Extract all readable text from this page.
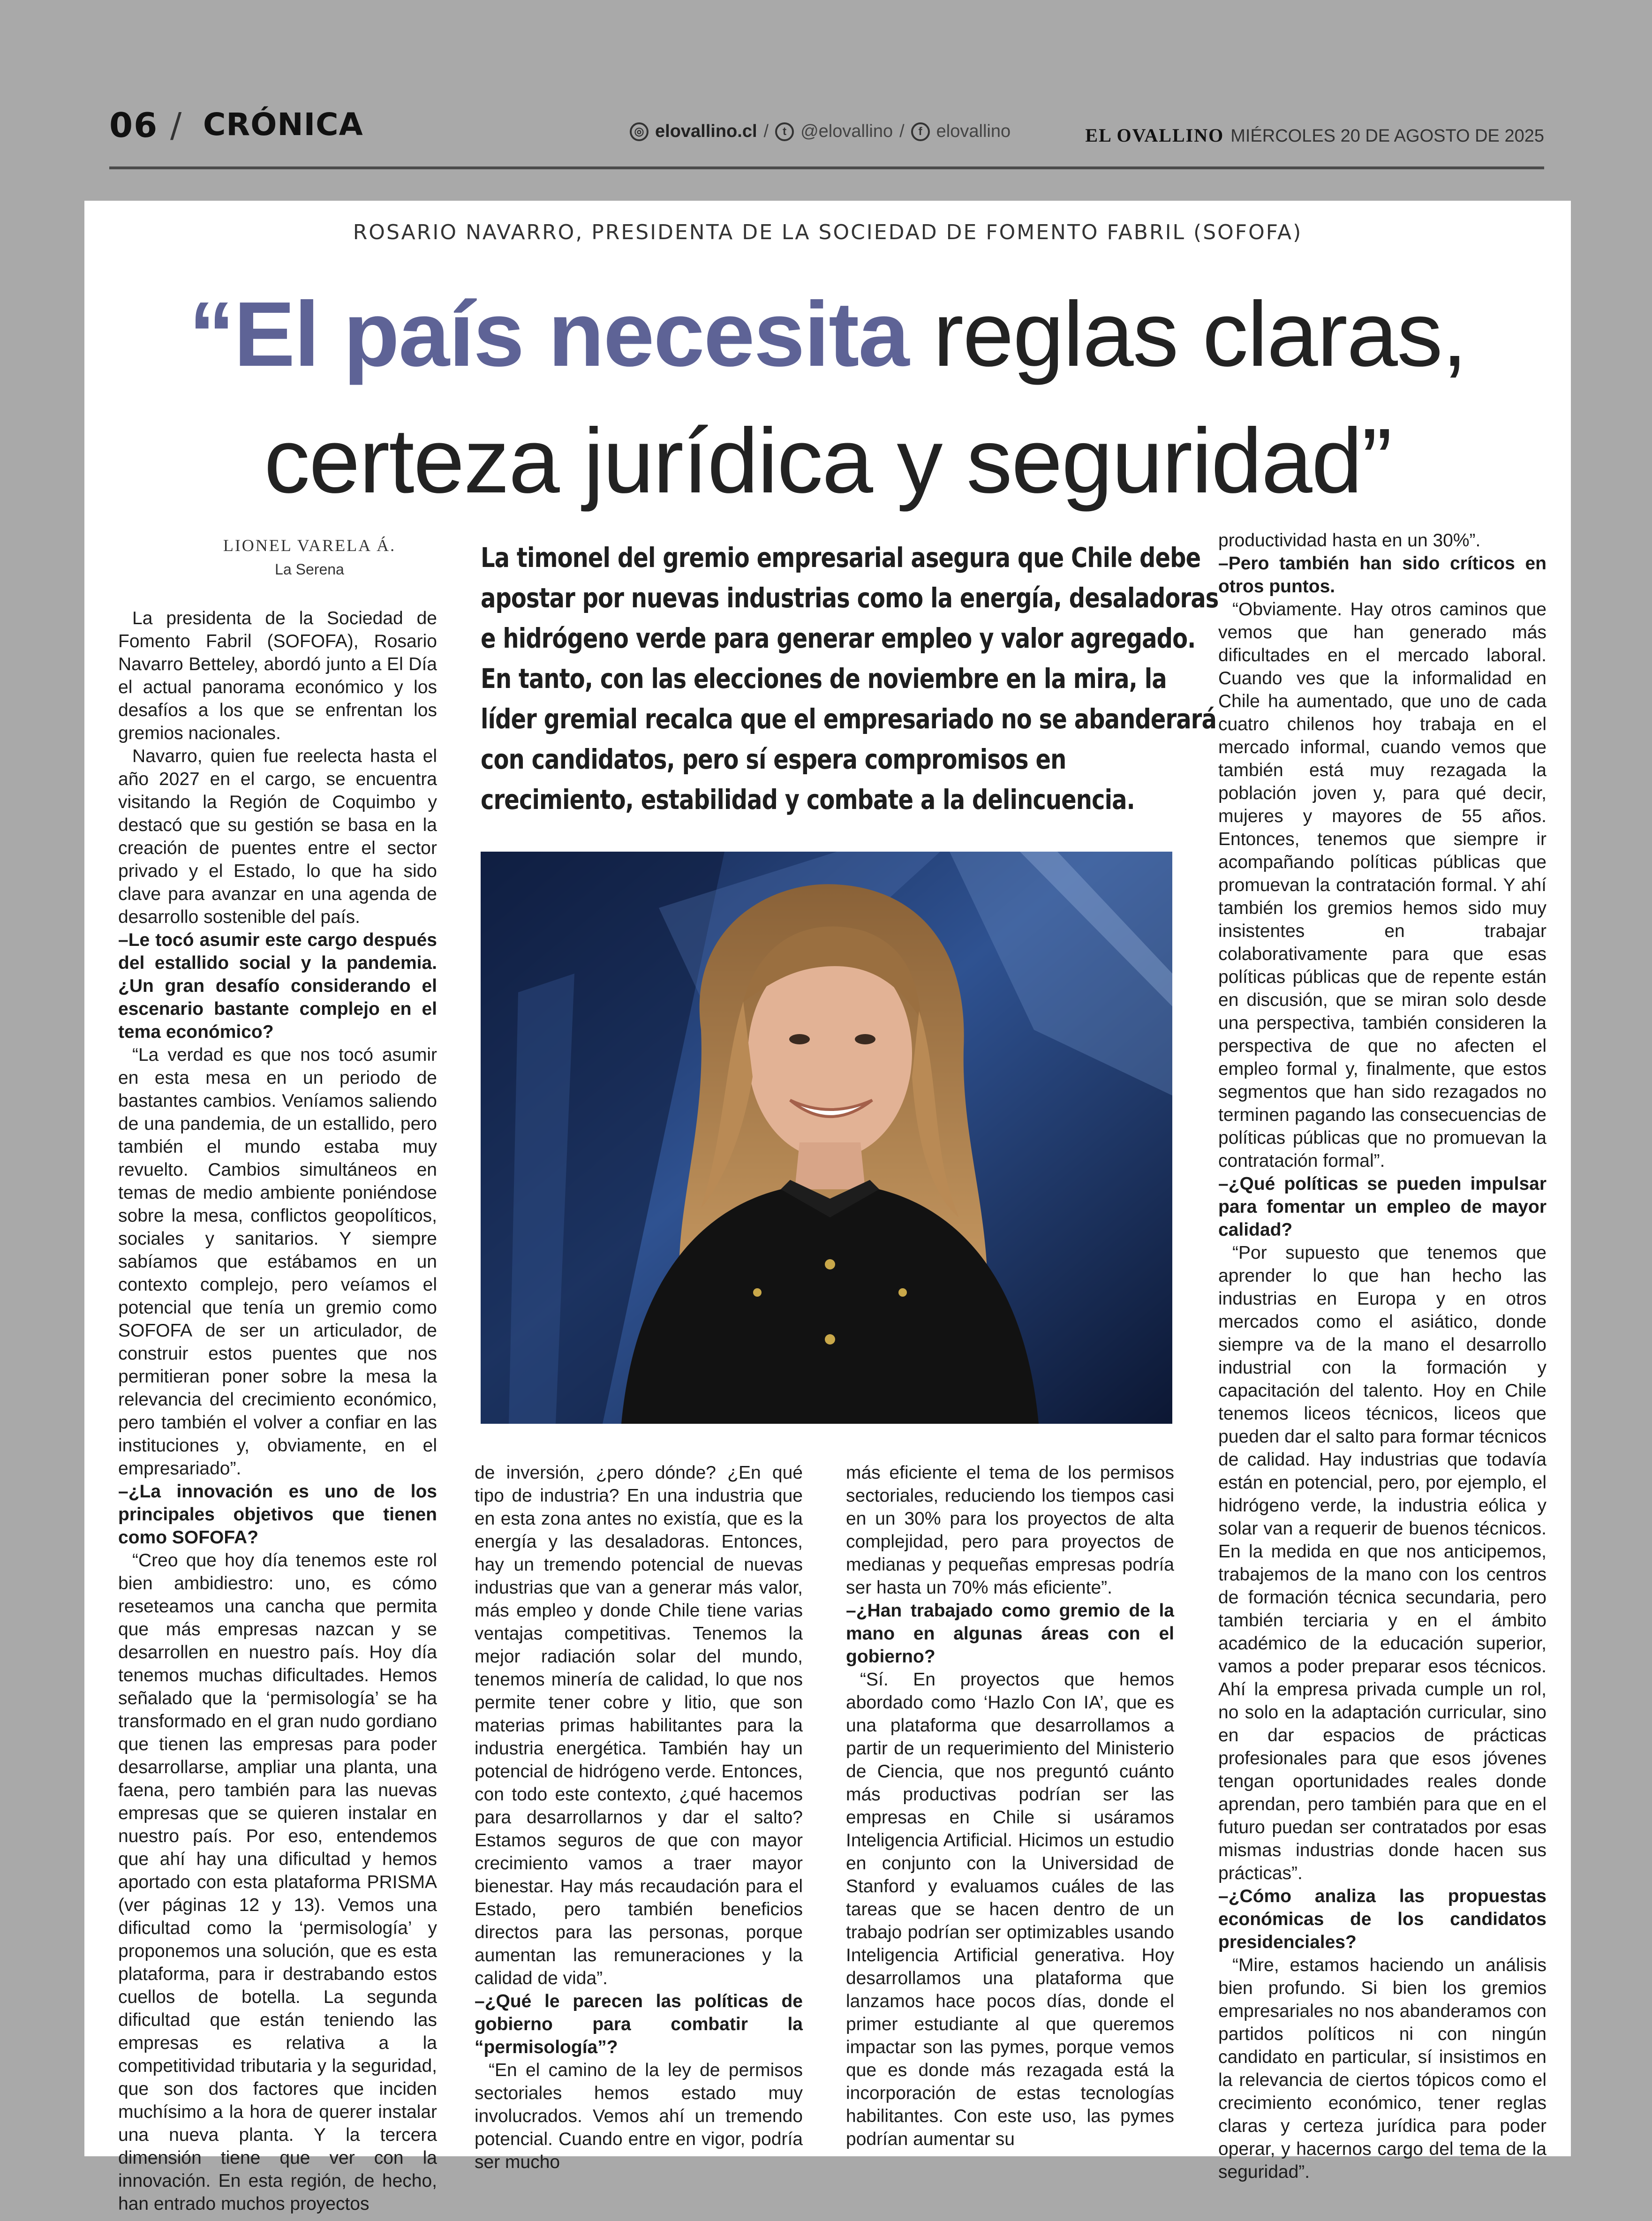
06 / CRÓNICA	◎ elovallino.cl /	t @elovallino /	f elovallino	EL OVALLINO MIÉRCOLES 20 DE AGOSTO DE 2025
ROSARIO NAVARRO, PRESIDENTA DE LA SOCIEDAD DE FOMENTO FABRIL (SOFOFA)
“El país necesita reglas claras,
certeza jurídica y seguridad”
LIONEL VARELA Á.
La Serena

La presidenta de la Sociedad de Fomento Fabril (SOFOFA), Rosario Navarro Betteley, abordó junto a El Día el actual panorama económico y los desafíos a los que se enfrentan los gremios nacionales.

Navarro, quien fue reelecta hasta el año 2027 en el cargo, se encuentra visitando la Región de Coquimbo y destacó que su gestión se basa en la creación de puentes entre el sector privado y el Estado, lo que ha sido clave para avanzar en una agenda de desarrollo sostenible del país.

– Le tocó asumir este cargo después del estallido social y la pandemia. ¿Un gran desafío considerando el escenario bastante complejo en el tema económico?

“La verdad es que nos tocó asumir en esta mesa en un periodo de bastantes cambios. Veníamos saliendo de una pandemia, de un estallido, pero también el mundo estaba muy revuelto. Cambios simultáneos en temas de medio ambiente poniéndose sobre la mesa, conflictos geopolíticos, sociales y sanitarios. Y siempre sabíamos que estábamos en un contexto complejo, pero veíamos el potencial que tenía un gremio como SOFOFA de ser un articulador, de construir estos puentes que nos permitieran poner sobre la mesa la relevancia del crecimiento económico, pero también el volver a confiar en las instituciones y, obviamente, en el empresariado”.

– ¿La innovación es uno de los principales objetivos que tienen como SOFOFA?

“Creo que hoy día tenemos este rol bien ambidiestro: uno, es cómo reseteamos una cancha que permita que más empresas nazcan y se desarrollen en nuestro país. Hoy día tenemos muchas dificultades. Hemos señalado que la ‘permisología’ se ha transformado en el gran nudo gordiano que tienen las empresas para poder desarrollarse, ampliar una planta, una faena, pero también para las nuevas empresas que se quieren instalar en nuestro país. Por eso, entendemos que ahí hay una dificultad y hemos aportado con esta plataforma PRISMA (ver páginas 12 y 13). Vemos una dificultad como la ‘permisología’ y proponemos una solución, que es esta plataforma, para ir destrabando estos cuellos de botella. La segunda dificultad que están teniendo las empresas es relativa a la competitividad tributaria y la seguridad, que son dos factores que inciden muchísimo a la hora de querer instalar una nueva planta. Y la tercera dimensión tiene que ver con la innovación. En esta región, de hecho, han entrado muchos proyectos

de inversión, ¿pero dónde? ¿En qué tipo de industria? En una industria que en esta zona antes no existía, que es la energía y las desaladoras. Entonces, hay un tremendo potencial de nuevas industrias que van a generar más valor, más empleo y donde Chile tiene varias ventajas competitivas. Tenemos la mejor radiación solar del mundo, tenemos minería de calidad, lo que nos permite tener cobre y litio, que son materias primas habilitantes para la industria energética. También hay un potencial de hidrógeno verde. Entonces, con todo este contexto, ¿qué hacemos para desarrollarnos y dar el salto? Estamos seguros de que con mayor crecimiento vamos a traer mayor bienestar. Hay más recaudación para el Estado, pero también beneficios directos para las personas, porque aumentan las remuneraciones y la calidad de vida”.

– ¿Qué le parecen las políticas de gobierno para combatir la “permisología”?

“En el camino de la ley de permisos sectoriales hemos estado muy involucrados. Vemos ahí un tremendo potencial. Cuando entre en vigor, podría ser mucho

más eficiente el tema de los permisos sectoriales, reduciendo los tiempos casi en un 30% para los proyectos de alta complejidad, pero para proyectos de medianas y pequeñas empresas podría ser hasta un 70% más eficiente”.

– ¿Han trabajado como gremio de la mano en algunas áreas con el gobierno?

“Sí. En proyectos que hemos abordado como ‘Hazlo Con IA’, que es una plataforma que desarrollamos a partir de un requerimiento del Ministerio de Ciencia, que nos preguntó cuánto más productivas podrían ser las empresas en Chile si usáramos Inteligencia Artificial. Hicimos un estudio en conjunto con la Universidad de Stanford y evaluamos cuáles de las tareas que se hacen dentro de un trabajo podrían ser optimizables usando Inteligencia Artificial generativa. Hoy desarrollamos una plataforma que lanzamos hace pocos días, donde el primer estudiante al que queremos impactar son las pymes, porque vemos que es donde más rezagada está la incorporación de estas tecnologías habilitantes. Con este uso, las pymes podrían aumentar su

productividad hasta en un 30%”.

– Pero también han sido críticos en otros puntos.

“Obviamente. Hay otros caminos que vemos que han generado más dificultades en el mercado laboral. Cuando ves que la informalidad en Chile ha aumentado, que uno de cada cuatro chilenos hoy trabaja en el mercado informal, cuando vemos que también está muy rezagada la población joven y, para qué decir, mujeres y mayores de 55 años. Entonces, tenemos que siempre ir acompañando políticas públicas que promuevan la contratación formal. Y ahí también los gremios hemos sido muy insistentes en trabajar colaborativamente para que esas políticas públicas que de repente están en discusión, que se miran solo desde una perspectiva, también consideren la perspectiva de que no afecten el empleo formal y, finalmente, que estos segmentos que han sido rezagados no terminen pagando las consecuencias de políticas públicas que no promuevan la contratación formal”.

– ¿Qué políticas se pueden impulsar para fomentar un empleo de mayor calidad?

“Por supuesto que tenemos que aprender lo que han hecho las industrias en Europa y en otros mercados como el asiático, donde siempre va de la mano el desarrollo industrial con la formación y capacitación del talento. Hoy en Chile tenemos liceos técnicos, liceos que pueden dar el salto para formar técnicos de calidad. Hay industrias que todavía están en potencial, pero, por ejemplo, el hidrógeno verde, la industria eólica y solar van a requerir de buenos técnicos. En la medida en que nos anticipemos, trabajemos de la mano con los centros de formación técnica secundaria, pero también terciaria y en el ámbito académico de la educación superior, vamos a poder preparar esos técnicos. Ahí la empresa privada cumple un rol, no solo en la adaptación curricular, sino en dar espacios de prácticas profesionales para que esos jóvenes tengan oportunidades reales donde aprendan, pero también para que en el futuro puedan ser contratados por esas mismas industrias donde hacen sus prácticas”.

– ¿Cómo analiza las propuestas económicas de los candidatos presidenciales?

“Mire, estamos haciendo un análisis bien profundo. Si bien los gremios empresariales no nos abanderamos con partidos políticos ni con ningún candidato en particular, sí insistimos en la relevancia de ciertos tópicos como el crecimiento económico, tener reglas claras y certeza jurídica para poder operar, y hacernos cargo del tema de la seguridad”.

La timonel del gremio empresarial asegura que Chile debe apostar por nuevas industrias como la energía, desaladoras e hidrógeno verde para generar empleo y valor agregado. En tanto, con las elecciones de noviembre en la mira, la líder gremial recalca que el empresariado no se abanderará con candidatos, pero sí espera compromisos en crecimiento, estabilidad y combate a la delincuencia.
